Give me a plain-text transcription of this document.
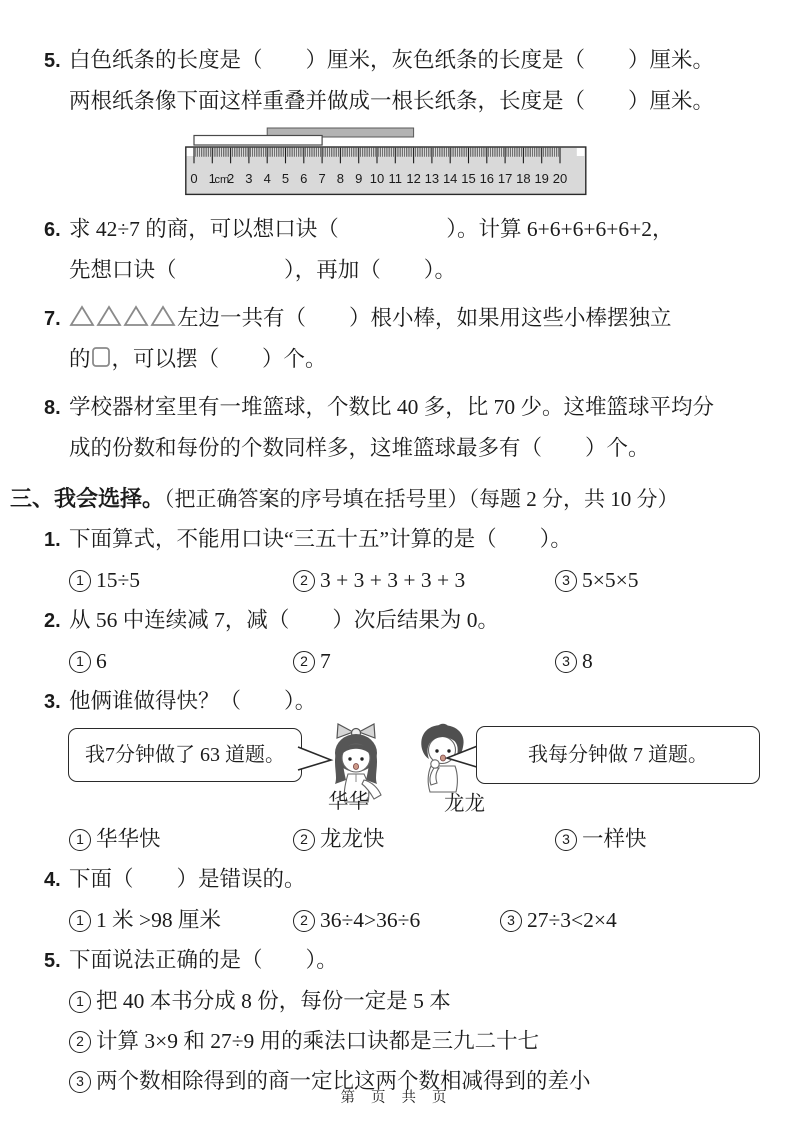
5. 白色纸条的长度是（　　）厘米，灰色纸条的长度是（　　）厘米。
两根纸条像下面这样重叠并做成一根长纸条，长度是（　　）厘米。
0 1 2 3 4 5 6 7 8 9 10 11 12 13 14 15 16 17 18 19 20
cm
6. 求 42÷7 的商，可以想口诀（　　　　　）。计算 6+6+6+6+6+2，
先想口诀（　　　　　），再加（　　）。
7.	左边一共有（　　）根小棒，如果用这些小棒摆独立
的 ，可以摆（　　）个。
8. 学校器材室里有一堆篮球，个数比 40 多，比 70 少。这堆篮球平均分
成的份数和每份的个数同样多，这堆篮球最多有（　　）个。
三、我会选择。（把正确答案的序号填在括号里）（每题 2 分，共 10 分）
1. 下面算式，不能用口诀“三五十五”计算的是（　　）。
1 15÷5	2 3 + 3 + 3 + 3 + 3	3 5×5×5
2. 从 56 中连续减 7，减（　　）次后结果为 0。
1 6	2 7	3 8
3. 他俩谁做得快？（　　）。
我7分钟做了 63 道题。
华华	龙龙
我每分钟做 7 道题。
1 华华快	2 龙龙快	3 一样快
4. 下面（　　）是错误的。
1 1 米 >98 厘米	2 36÷4>36÷6	3 27÷3<2×4
5. 下面说法正确的是（　　）。
1 把 40 本书分成 8 份，每份一定是 5 本
2 计算 3×9 和 27÷9 用的乘法口诀都是三九二十七
3 两个数相除得到的商一定比这两个数相减得到的差小
第 页 共 页
